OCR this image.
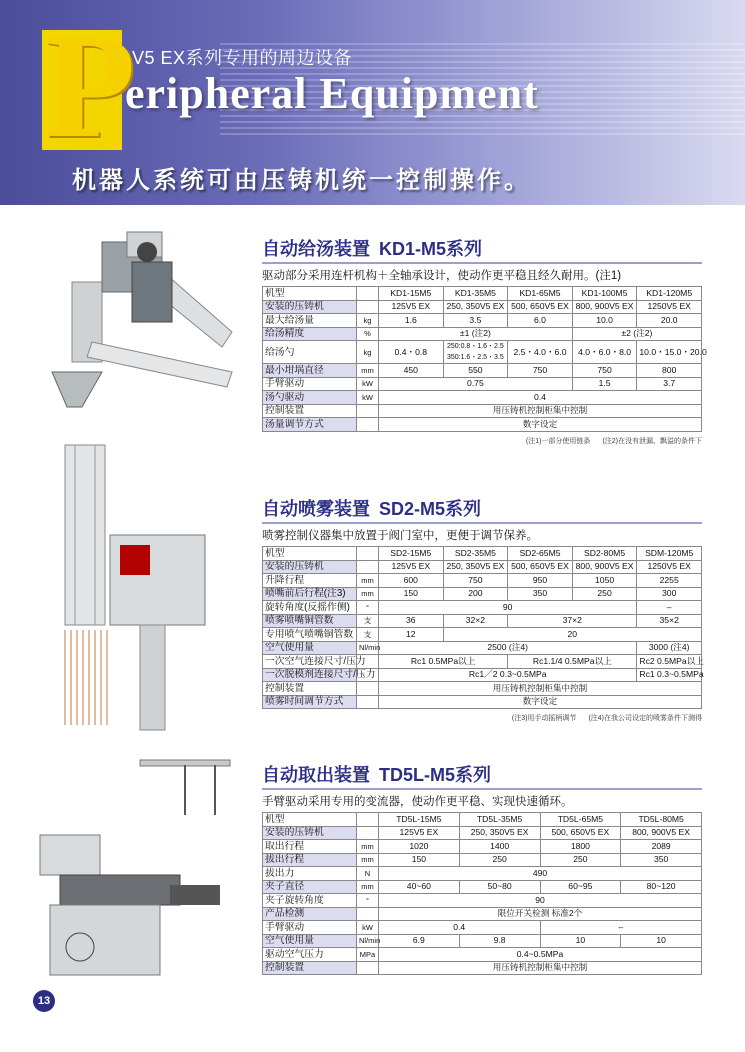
P
V5 EX系列专用的周边设备
eripheral Equipment
机器人系统可由压铸机统一控制操作。
自动给汤装置 KD1-M5系列
驱动部分采用连杆机构＋全轴承设计，使动作更平稳且经久耐用。(注1)
机型		KD1-15M5	KD1-35M5	KD1-65M5	KD1-100M5	KD1-120M5
安装的压铸机		125V5 EX	250, 350V5 EX	500, 650V5 EX	800, 900V5 EX	1250V5 EX
最大给汤量	kg	1.6	3.5	6.0	10.0	20.0
给汤精度	%	±1 (注2)			±2 (注2)	
给汤勺	kg	0.4・0.8	250:0.8・1.6・2.5 350:1.6・2.5・3.5	2.5・4.0・6.0	4.0・6.0・8.0	10.0・15.0・20.0
最小坩埚直径	mm	450	550	750	750	800
手臂驱动	kW	0.75			1.5	3.7
汤勺驱动	kW	0.4				
控制装置		用压铸机控制柜集中控制				
汤量调节方式		数字设定				
(注1)一部分使用链条 (注2)在没有泄漏、飘溢的条件下
自动喷雾装置 SD2-M5系列
喷雾控制仪器集中放置于阀门室中，更便于调节保养。
机型		SD2-15M5	SD2-35M5	SD2-65M5	SD2-80M5	SDM-120M5
安装的压铸机		125V5 EX	250, 350V5 EX	500, 650V5 EX	800, 900V5 EX	1250V5 EX
升降行程	mm	600	750	950	1050	2255
喷嘴前后行程(注3)	mm	150	200	350	250	300
旋转角度(反摇作侧)	°	90				–
喷雾喷嘴铜管数	支	36	32×2	37×2		35×2
专用喷气喷嘴铜管数	支	12	20			
空气使用量	Nl/min	2500 (注4)				3000 (注4)
一次空气连接尺寸/压力		Rc1 0.5MPa以上		Rc1.1/4 0.5MPa以上		Rc2 0.5MPa以上
一次脱模剂连接尺寸/压力		Rc1／2 0.3~0.5MPa				Rc1 0.3~0.5MPa
控制装置		用压铸机控制柜集中控制				
喷雾时间调节方式		数字设定				
(注3)用手动摇柄调节 (注4)在我公司设定的喷雾条件下测得
自动取出装置 TD5L-M5系列
手臂驱动采用专用的变流器，使动作更平稳、实现快速循环。
机型		TD5L-15M5	TD5L-35M5	TD5L-65M5	TD5L-80M5
安装的压铸机		125V5 EX	250, 350V5 EX	500, 650V5 EX	800, 900V5 EX
取出行程	mm	1020	1400	1800	2089
拔出行程	mm	150	250	250	350
拔出力	N	490			
夹子直径	mm	40~60	50~80	60~95	80~120
夹子旋转角度	°	90			
产品检测		限位开关检测 标准2个			
手臂驱动	kW	0.4		–	
空气使用量	Nl/min	6.9	9.8	10	10
驱动空气压力	MPa	0.4~0.5MPa			
控制装置		用压铸机控制柜集中控制			
13
